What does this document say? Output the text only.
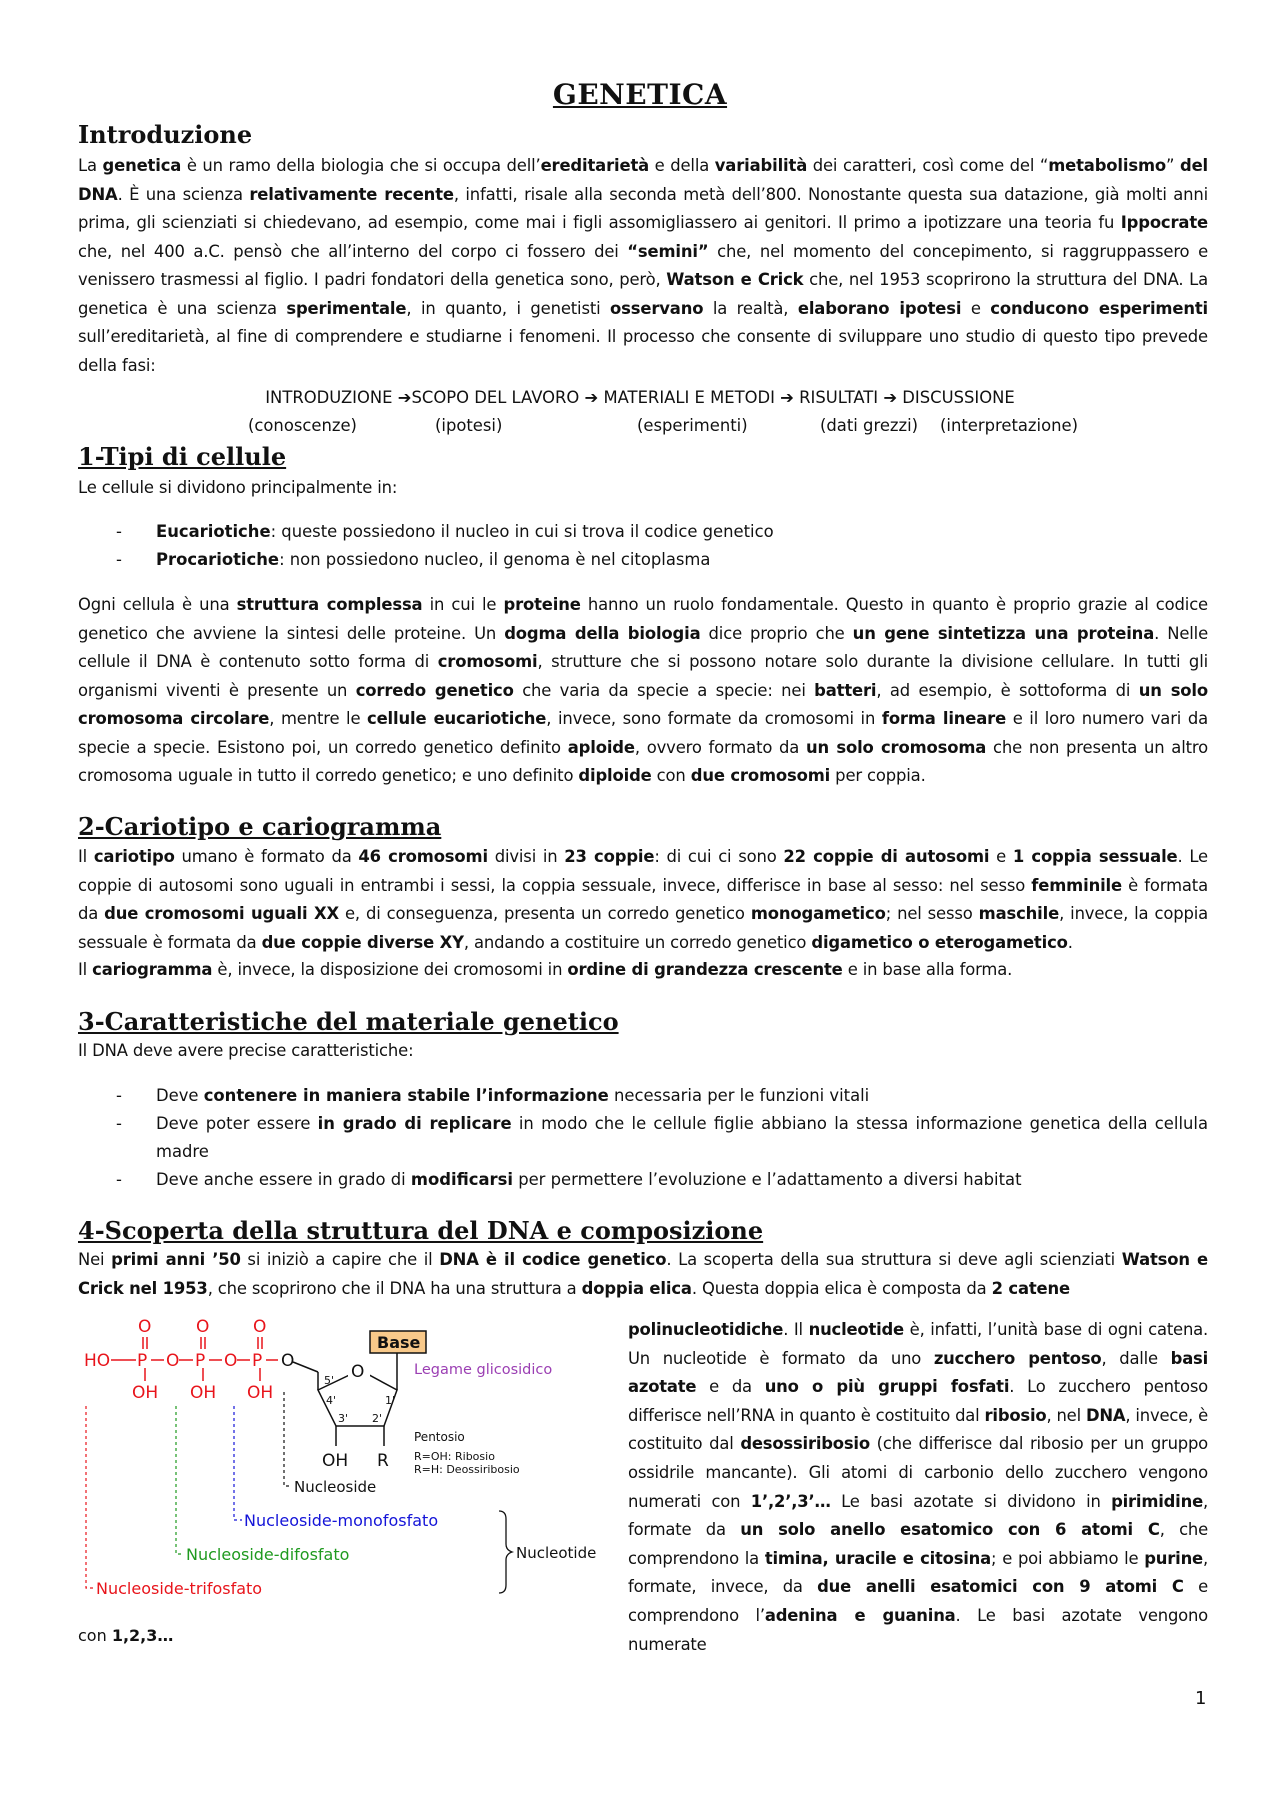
GENETICA
Introduzione

La genetica è un ramo della biologia che si occupa dell’ereditarietà e della variabilità dei caratteri, così come del “metabolismo” del DNA. È una scienza relativamente recente, infatti, risale alla seconda metà dell’800. Nonostante questa sua datazione, già molti anni prima, gli scienziati si chiedevano, ad esempio, come mai i figli assomigliassero ai genitori. Il primo a ipotizzare una teoria fu Ippocrate che, nel 400 a.C. pensò che all’interno del corpo ci fossero dei “semini” che, nel momento del concepimento, si raggruppassero e venissero trasmessi al figlio. I padri fondatori della genetica sono, però, Watson e Crick che, nel 1953 scoprirono la struttura del DNA. La genetica è una scienza sperimentale, in quanto, i genetisti osservano la realtà, elaborano ipotesi e conducono esperimenti sull’ereditarietà, al fine di comprendere e studiarne i fenomeni. Il processo che consente di sviluppare uno studio di questo tipo prevede della fasi:

INTRODUZIONE ➔SCOPO DEL LAVORO ➔ MATERIALI E METODI ➔ RISULTATI ➔ DISCUSSIONE
(conoscenze)	(ipotesi)	(esperimenti)	(dati grezzi) (interpretazione)
1-Tipi di cellule

Le cellule si dividono principalmente in:

- Eucariotiche: queste possiedono il nucleo in cui si trova il codice genetico
- Procariotiche: non possiedono nucleo, il genoma è nel citoplasma

Ogni cellula è una struttura complessa in cui le proteine hanno un ruolo fondamentale. Questo in quanto è proprio grazie al codice genetico che avviene la sintesi delle proteine. Un dogma della biologia dice proprio che un gene sintetizza una proteina. Nelle cellule il DNA è contenuto sotto forma di cromosomi, strutture che si possono notare solo durante la divisione cellulare. In tutti gli organismi viventi è presente un corredo genetico che varia da specie a specie: nei batteri, ad esempio, è sottoforma di un solo cromosoma circolare, mentre le cellule eucariotiche, invece, sono formate da cromosomi in forma lineare e il loro numero vari da specie a specie. Esistono poi, un corredo genetico definito aploide, ovvero formato da un solo cromosoma che non presenta un altro cromosoma uguale in tutto il corredo genetico; e uno definito diploide con due cromosomi per coppia.

2-Cariotipo e cariogramma

Il cariotipo umano è formato da 46 cromosomi divisi in 23 coppie: di cui ci sono 22 coppie di autosomi e 1 coppia sessuale. Le coppie di autosomi sono uguali in entrambi i sessi, la coppia sessuale, invece, differisce in base al sesso: nel sesso femminile è formata da due cromosomi uguali XX e, di conseguenza, presenta un corredo genetico monogametico; nel sesso maschile, invece, la coppia sessuale è formata da due coppie diverse XY, andando a costituire un corredo genetico digametico o eterogametico.

Il cariogramma è, invece, la disposizione dei cromosomi in ordine di grandezza crescente e in base alla forma.

3-Caratteristiche del materiale genetico

Il DNA deve avere precise caratteristiche:

- Deve contenere in maniera stabile l’informazione necessaria per le funzioni vitali
- Deve poter essere in grado di replicare in modo che le cellule figlie abbiano la stessa informazione genetica della cellula madre
- Deve anche essere in grado di modificarsi per permettere l’evoluzione e l’adattamento a diversi habitat
4-Scoperta della struttura del DNA e composizione

Nei primi anni ’50 si iniziò a capire che il DNA è il codice genetico. La scoperta della sua struttura si deve agli scienziati Watson e Crick nel 1953, che scoprirono che il DNA ha una struttura a doppia elica. Questa doppia elica è composta da 2 catene

polinucleotidiche. Il nucleotide è, infatti, l’unità base di ogni catena. Un nucleotide è formato da uno zucchero pentoso, dalle basi azotate e da uno o più gruppi fosfati. Lo zucchero pentoso differisce nell’RNA in quanto è costituito dal ribosio, nel DNA, invece, è costituito dal desossiribosio (che differisce dal ribosio per un gruppo ossidrile mancante). Gli atomi di carbonio dello zucchero vengono numerati con 1’,2’,3’… Le basi azotate si dividono in pirimidine, formate da un solo anello esatomico con 6 atomi C, che comprendono la timina, uracile e citosina; e poi abbiamo le purine, formate, invece, da due anelli esatomici con 9 atomi C e comprendono l’adenina e guanina. Le basi azotate vengono numerate

O	O	O
HO P O P O P
OH OH OH
O
5' O
4'	1'
3' 2'
OH R
Base
Legame glicosidico
Pentosio
R=OH: Ribosio
R=H: Deossiribosio
Nucleoside
Nucleoside-monofosfato
Nucleoside-difosfato
Nucleoside-trifosfato
Nucleotide
con 1,2,3…
1
